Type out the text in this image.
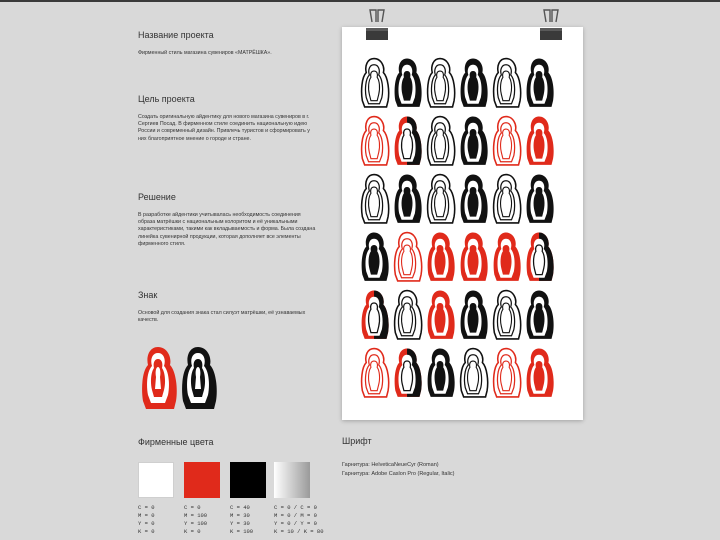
Название проекта
Фирменный стиль магазина сувениров «МАТРЁШКА».
Цель проекта
Создать оригинальную айдентику для нового магазина сувениров в г. Сергиев Посад. В фирменном стиле соединить национальную идею России и современный дизайн. Привлечь туристов и сформировать у них благоприятное мнение о городе и стране.
Решение
В разработке айдентики учитывалась необходимость соединения образа матрёшки с национальным колоритом и её уникальными характеристиками, такими как вкладываемость и форма. Была создана линейка сувенирной продукции, которая дополняет все элементы фирменного стиля.
Знак
Основой для создания знака стал силуэт матрёшки, её узнаваемых качеств.
Фирменные цвета
C = 0
M = 0
Y = 0
K = 0
C = 0
M = 100
Y = 100
K = 0
C = 40
M = 30
Y = 30
K = 100
C = 0 / C = 0
M = 0 / M = 0
Y = 0 / Y = 0
K = 10 / K = 80
Шрифт
Гарнитура: HelveticaNeueCyr (Roman)
Гарнитура: Adobe Caslon Pro (Regular, Italic)
